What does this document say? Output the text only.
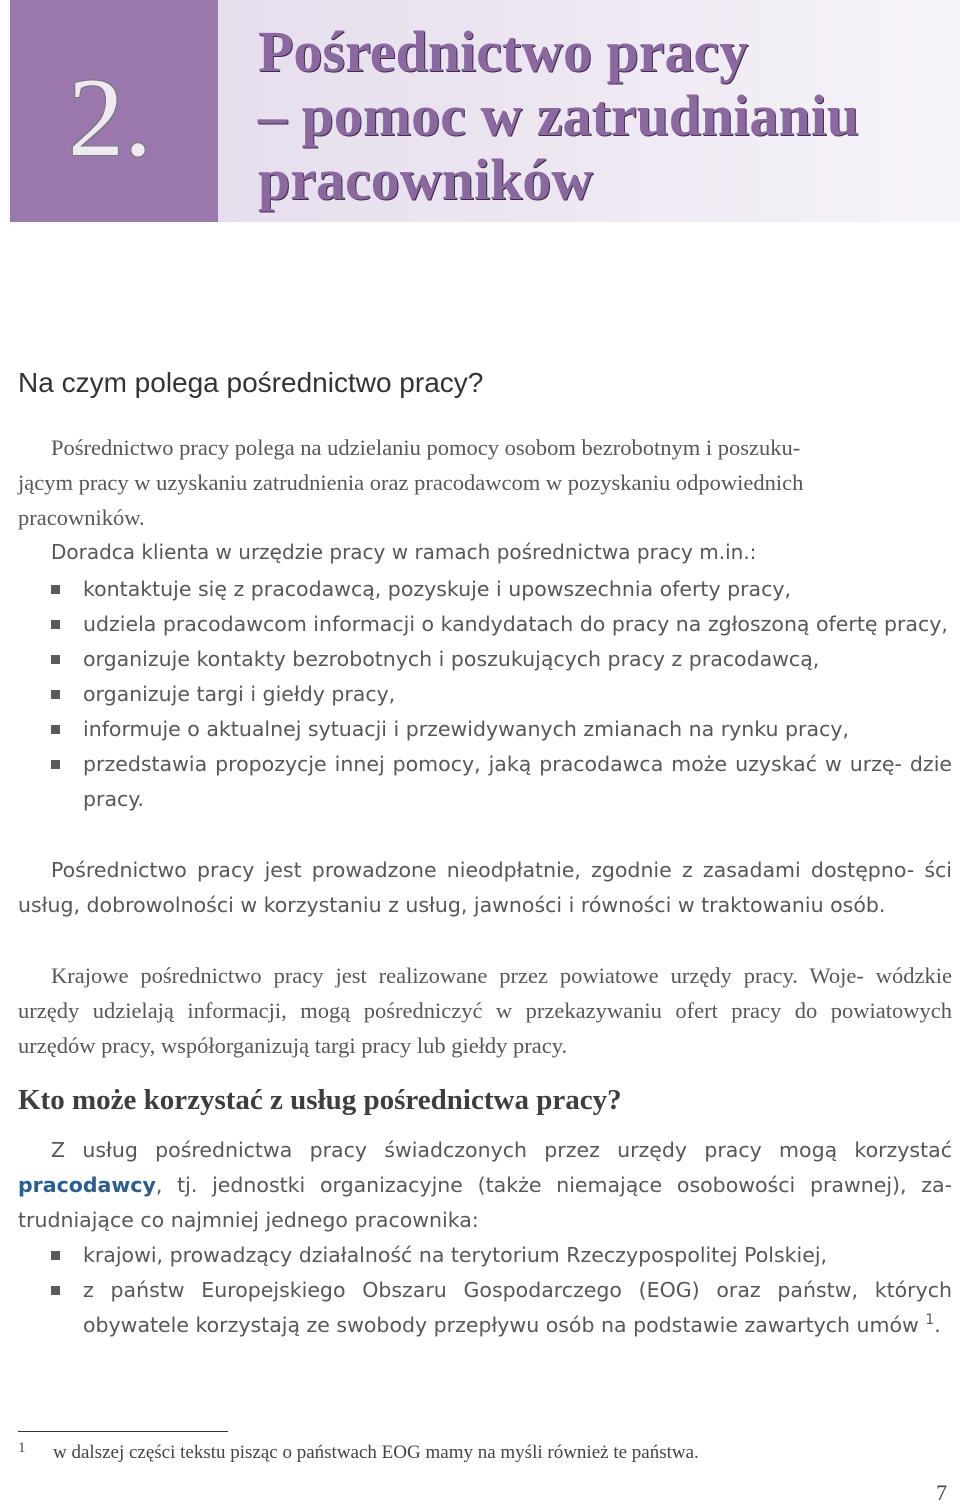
2.
Pośrednictwo pracy
– pomoc w zatrudnianiu
pracowników
Na czym polega pośrednictwo pracy?
Pośrednictwo pracy polega na udzielaniu pomocy osobom bezrobotnym i poszuku-
jącym pracy w uzyskaniu zatrudnienia oraz pracodawcom w pozyskaniu odpowiednich
pracowników.
Doradca klienta w urzędzie pracy w ramach pośrednictwa pracy m.in.:
kontaktuje się z pracodawcą, pozyskuje i upowszechnia oferty pracy,
udziela pracodawcom informacji o kandydatach do pracy na zgłoszoną ofertę pracy,
organizuje kontakty bezrobotnych i poszukujących pracy z pracodawcą,
organizuje targi i giełdy pracy,
informuje o aktualnej sytuacji i przewidywanych zmianach na rynku pracy,
przedstawia propozycje innej pomocy, jaką pracodawca może uzyskać w urzę- dzie pracy.
Pośrednictwo pracy jest prowadzone nieodpłatnie, zgodnie z zasadami dostępno- ści usług, dobrowolności w korzystaniu z usług, jawności i równości w traktowaniu osób.
Krajowe pośrednictwo pracy jest realizowane przez powiatowe urzędy pracy. Woje- wódzkie urzędy udzielają informacji, mogą pośredniczyć w przekazywaniu ofert pracy do powiatowych urzędów pracy, współorganizują targi pracy lub giełdy pracy.
Kto może korzystać z usług pośrednictwa pracy?
Z usług pośrednictwa pracy świadczonych przez urzędy pracy mogą korzystać pracodawcy, tj. jednostki organizacyjne (także niemające osobowości prawnej), za- trudniające co najmniej jednego pracownika:
krajowi, prowadzący działalność na terytorium Rzeczypospolitej Polskiej,
z państw Europejskiego Obszaru Gospodarczego (EOG) oraz państw, których obywatele korzystają ze swobody przepływu osób na podstawie zawartych umów $^1$.
1 w dalszej części tekstu pisząc o państwach EOG mamy na myśli również te państwa.
7
